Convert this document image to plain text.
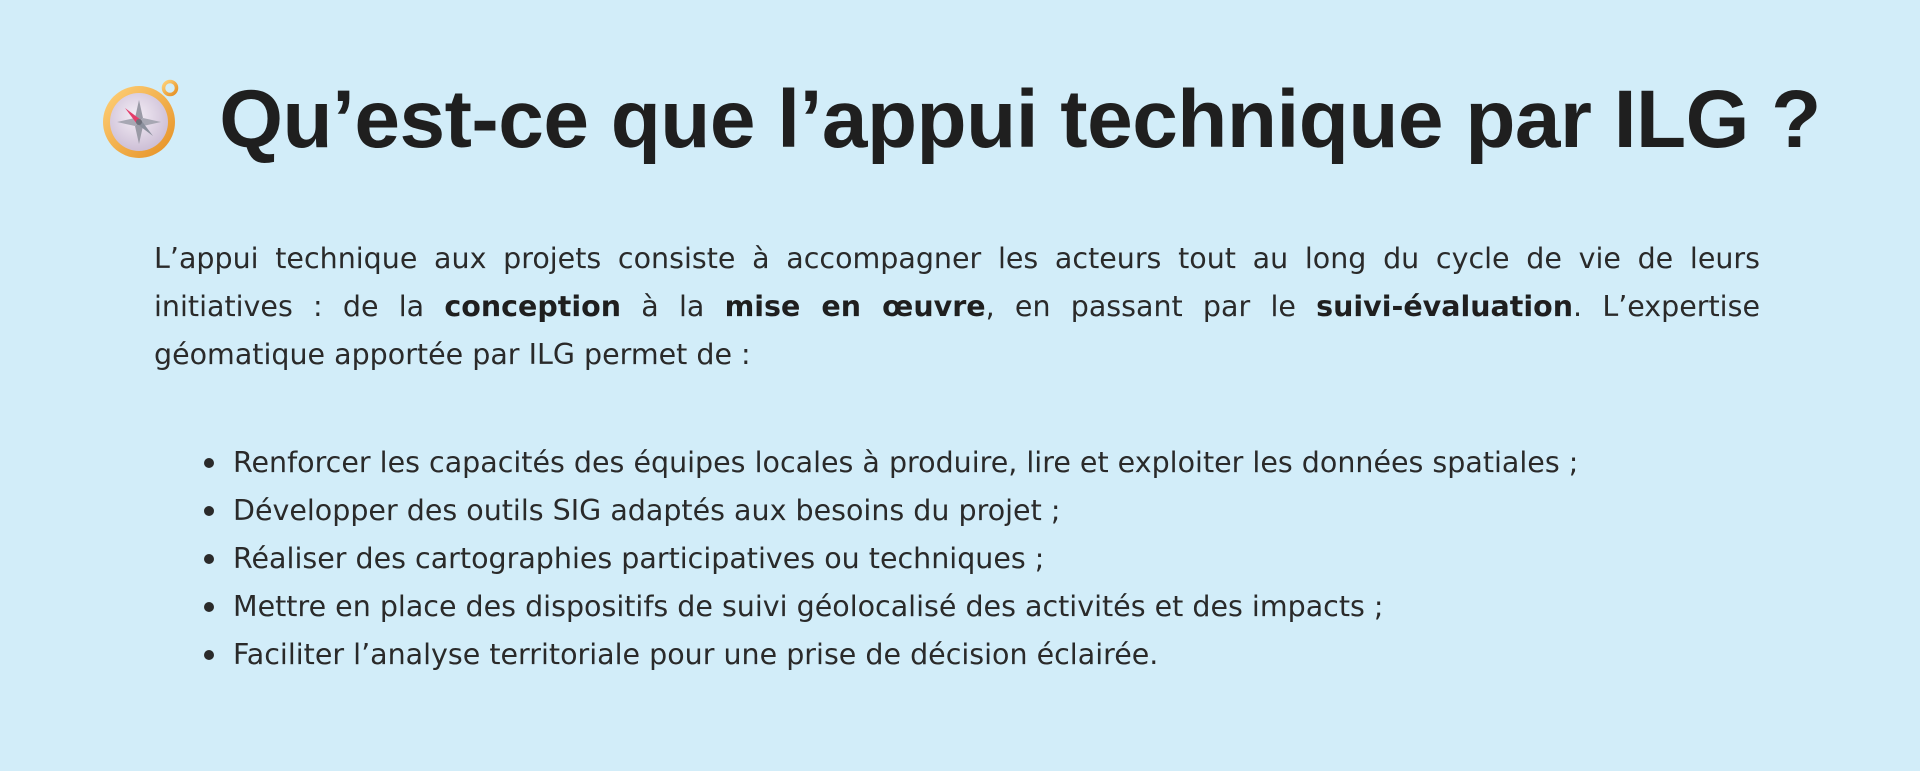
Qu’est-ce que l’appui technique par ILG ?

L’appui technique aux projets consiste à accompagner les acteurs tout au long du cycle de vie de leurs initiatives : de la conception à la mise en œuvre, en passant par le suivi-évaluation. L’expertise géomatique apportée par ILG permet de :

Renforcer les capacités des équipes locales à produire, lire et exploiter les données spatiales ;
Développer des outils SIG adaptés aux besoins du projet ;
Réaliser des cartographies participatives ou techniques ;
Mettre en place des dispositifs de suivi géolocalisé des activités et des impacts ;
Faciliter l’analyse territoriale pour une prise de décision éclairée.
